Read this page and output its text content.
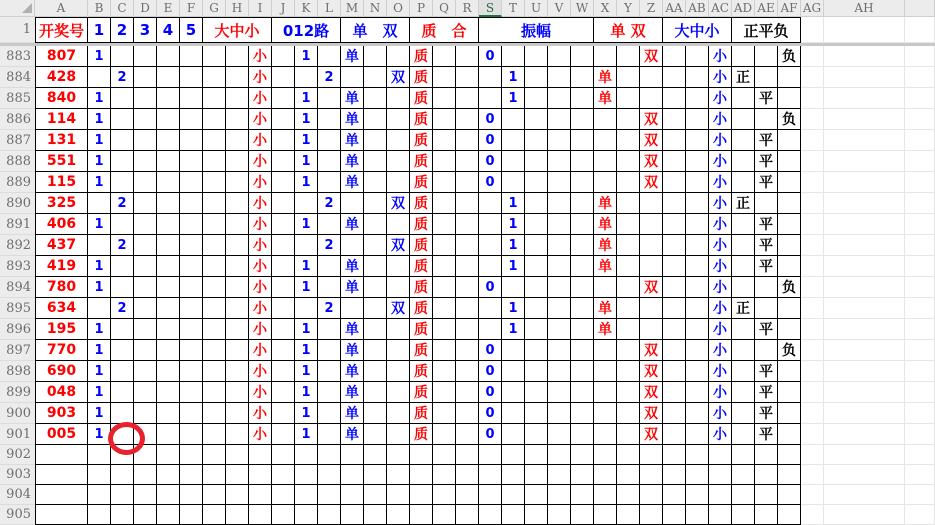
	A	B	C	D	E	F	G	H	I	J	K	L	M	N	O	P	Q	R	S	T	U	V	W	X	Y	Z	AA	AB	AC	AD	AE	AF	AG	AH	
1	开奖号	1	2	3	4	5	大中小			012路			单　双			质　合			振幅					单 双			大中小			正平负					

883	807	1							小		1		单			质			0							双			小			负			
884	428		2						小			2			双	质				1				单					小	正					
885	840	1							小		1		单			质				1				单					小		平				
886	114	1							小		1		单			质			0							双			小			负			
887	131	1							小		1		单			质			0							双			小		平				
888	551	1							小		1		单			质			0							双			小		平				
889	115	1							小		1		单			质			0							双			小		平				
890	325		2						小			2			双	质				1				单					小	正					
891	406	1							小		1		单			质				1				单					小		平				
892	437		2						小			2			双	质				1				单					小		平				
893	419	1							小		1		单			质				1				单					小		平				
894	780	1							小		1		单			质			0							双			小			负			
895	634		2						小			2			双	质				1				单					小	正					
896	195	1							小		1		单			质				1				单					小		平				
897	770	1							小		1		单			质			0							双			小			负			
898	690	1							小		1		单			质			0							双			小		平				
899	048	1							小		1		单			质			0							双			小		平				
900	903	1							小		1		单			质			0							双			小		平				
901	005	1							小		1		单			质			0							双			小		平				
902																																			
903																																			
904																																			
905																																			
